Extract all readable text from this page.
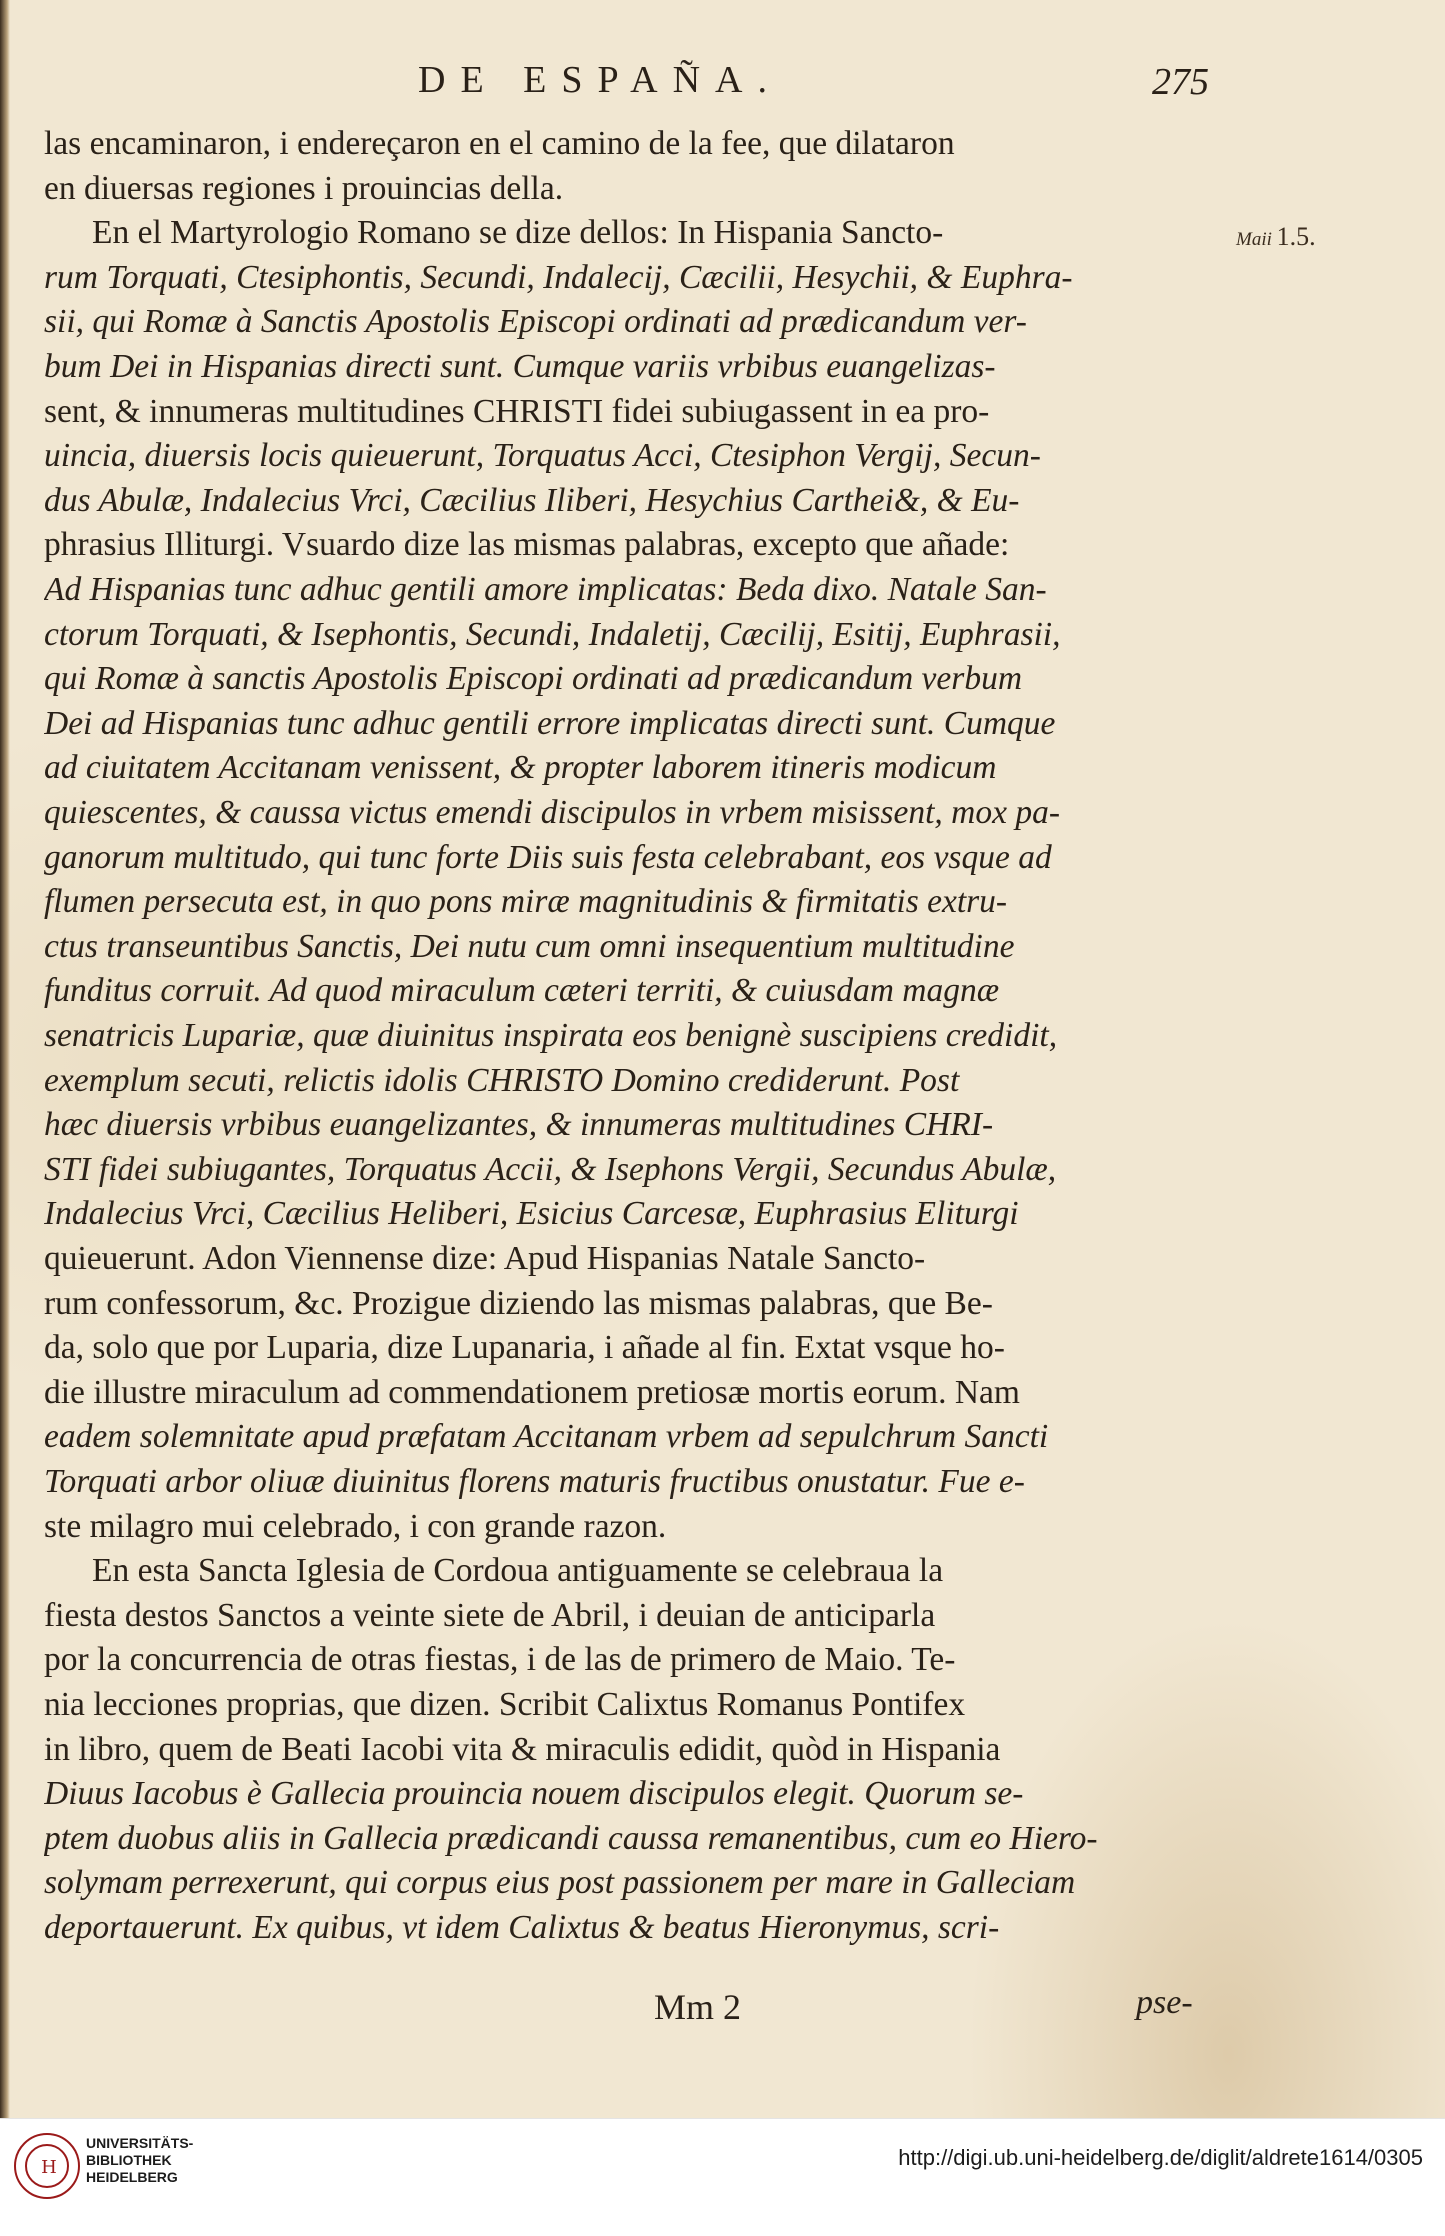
DE ESPAÑA.	275
Maii 1.5.
las encaminaron, i endereçaron en el camino de la fee, que dilataron
en diuersas regiones i prouincias della.
En el Martyrologio Romano se dize dellos: In Hispania Sancto-
rum Torquati, Ctesiphontis, Secundi, Indalecij, Cæcilii, Hesychii, & Euphra-
sii, qui Romæ à Sanctis Apostolis Episcopi ordinati ad prædicandum ver-
bum Dei in Hispanias directi sunt. Cumque variis vrbibus euangelizas-
sent, & innumeras multitudines CHRISTI fidei subiugassent in ea pro-
uincia, diuersis locis quieuerunt, Torquatus Acci, Ctesiphon Vergij, Secun-
dus Abulæ, Indalecius Vrci, Cæcilius Iliberi, Hesychius Carthei&, & Eu-
phrasius Illiturgi. Vsuardo dize las mismas palabras, excepto que añade:
Ad Hispanias tunc adhuc gentili amore implicatas: Beda dixo. Natale San-
ctorum Torquati, & Isephontis, Secundi, Indaletij, Cæcilij, Esitij, Euphrasii,
qui Romæ à sanctis Apostolis Episcopi ordinati ad prædicandum verbum
Dei ad Hispanias tunc adhuc gentili errore implicatas directi sunt. Cumque
ad ciuitatem Accitanam venissent, & propter laborem itineris modicum
quiescentes, & caussa victus emendi discipulos in vrbem misissent, mox pa-
ganorum multitudo, qui tunc forte Diis suis festa celebrabant, eos vsque ad
flumen persecuta est, in quo pons miræ magnitudinis & firmitatis extru-
ctus transeuntibus Sanctis, Dei nutu cum omni insequentium multitudine
funditus corruit. Ad quod miraculum cæteri territi, & cuiusdam magnæ
senatricis Lupariæ, quæ diuinitus inspirata eos benignè suscipiens credidit,
exemplum secuti, relictis idolis CHRISTO Domino crediderunt. Post
hæc diuersis vrbibus euangelizantes, & innumeras multitudines CHRI-
STI fidei subiugantes, Torquatus Accii, & Isephons Vergii, Secundus Abulæ,
Indalecius Vrci, Cæcilius Heliberi, Esicius Carcesæ, Euphrasius Eliturgi
quieuerunt. Adon Viennense dize: Apud Hispanias Natale Sancto-
rum confessorum, &c. Prozigue diziendo las mismas palabras, que Be-
da, solo que por Luparia, dize Lupanaria, i añade al fin. Extat vsque ho-
die illustre miraculum ad commendationem pretiosæ mortis eorum. Nam
eadem solemnitate apud præfatam Accitanam vrbem ad sepulchrum Sancti
Torquati arbor oliuæ diuinitus florens maturis fructibus onustatur. Fue e-
ste milagro mui celebrado, i con grande razon.
En esta Sancta Iglesia de Cordoua antiguamente se celebraua la
fiesta destos Sanctos a veinte siete de Abril, i deuian de anticiparla
por la concurrencia de otras fiestas, i de las de primero de Maio. Te-
nia lecciones proprias, que dizen. Scribit Calixtus Romanus Pontifex
in libro, quem de Beati Iacobi vita & miraculis edidit, quòd in Hispania
Diuus Iacobus è Gallecia prouincia nouem discipulos elegit. Quorum se-
ptem duobus aliis in Gallecia prædicandi caussa remanentibus, cum eo Hiero-
solymam perrexerunt, qui corpus eius post passionem per mare in Galleciam
deportauerunt. Ex quibus, vt idem Calixtus & beatus Hieronymus, scri-
Mm 2	pse-
H
UNIVERSITÄTS-
BIBLIOTHEK
HEIDELBERG
http://digi.ub.uni-heidelberg.de/diglit/aldrete1614/0305
